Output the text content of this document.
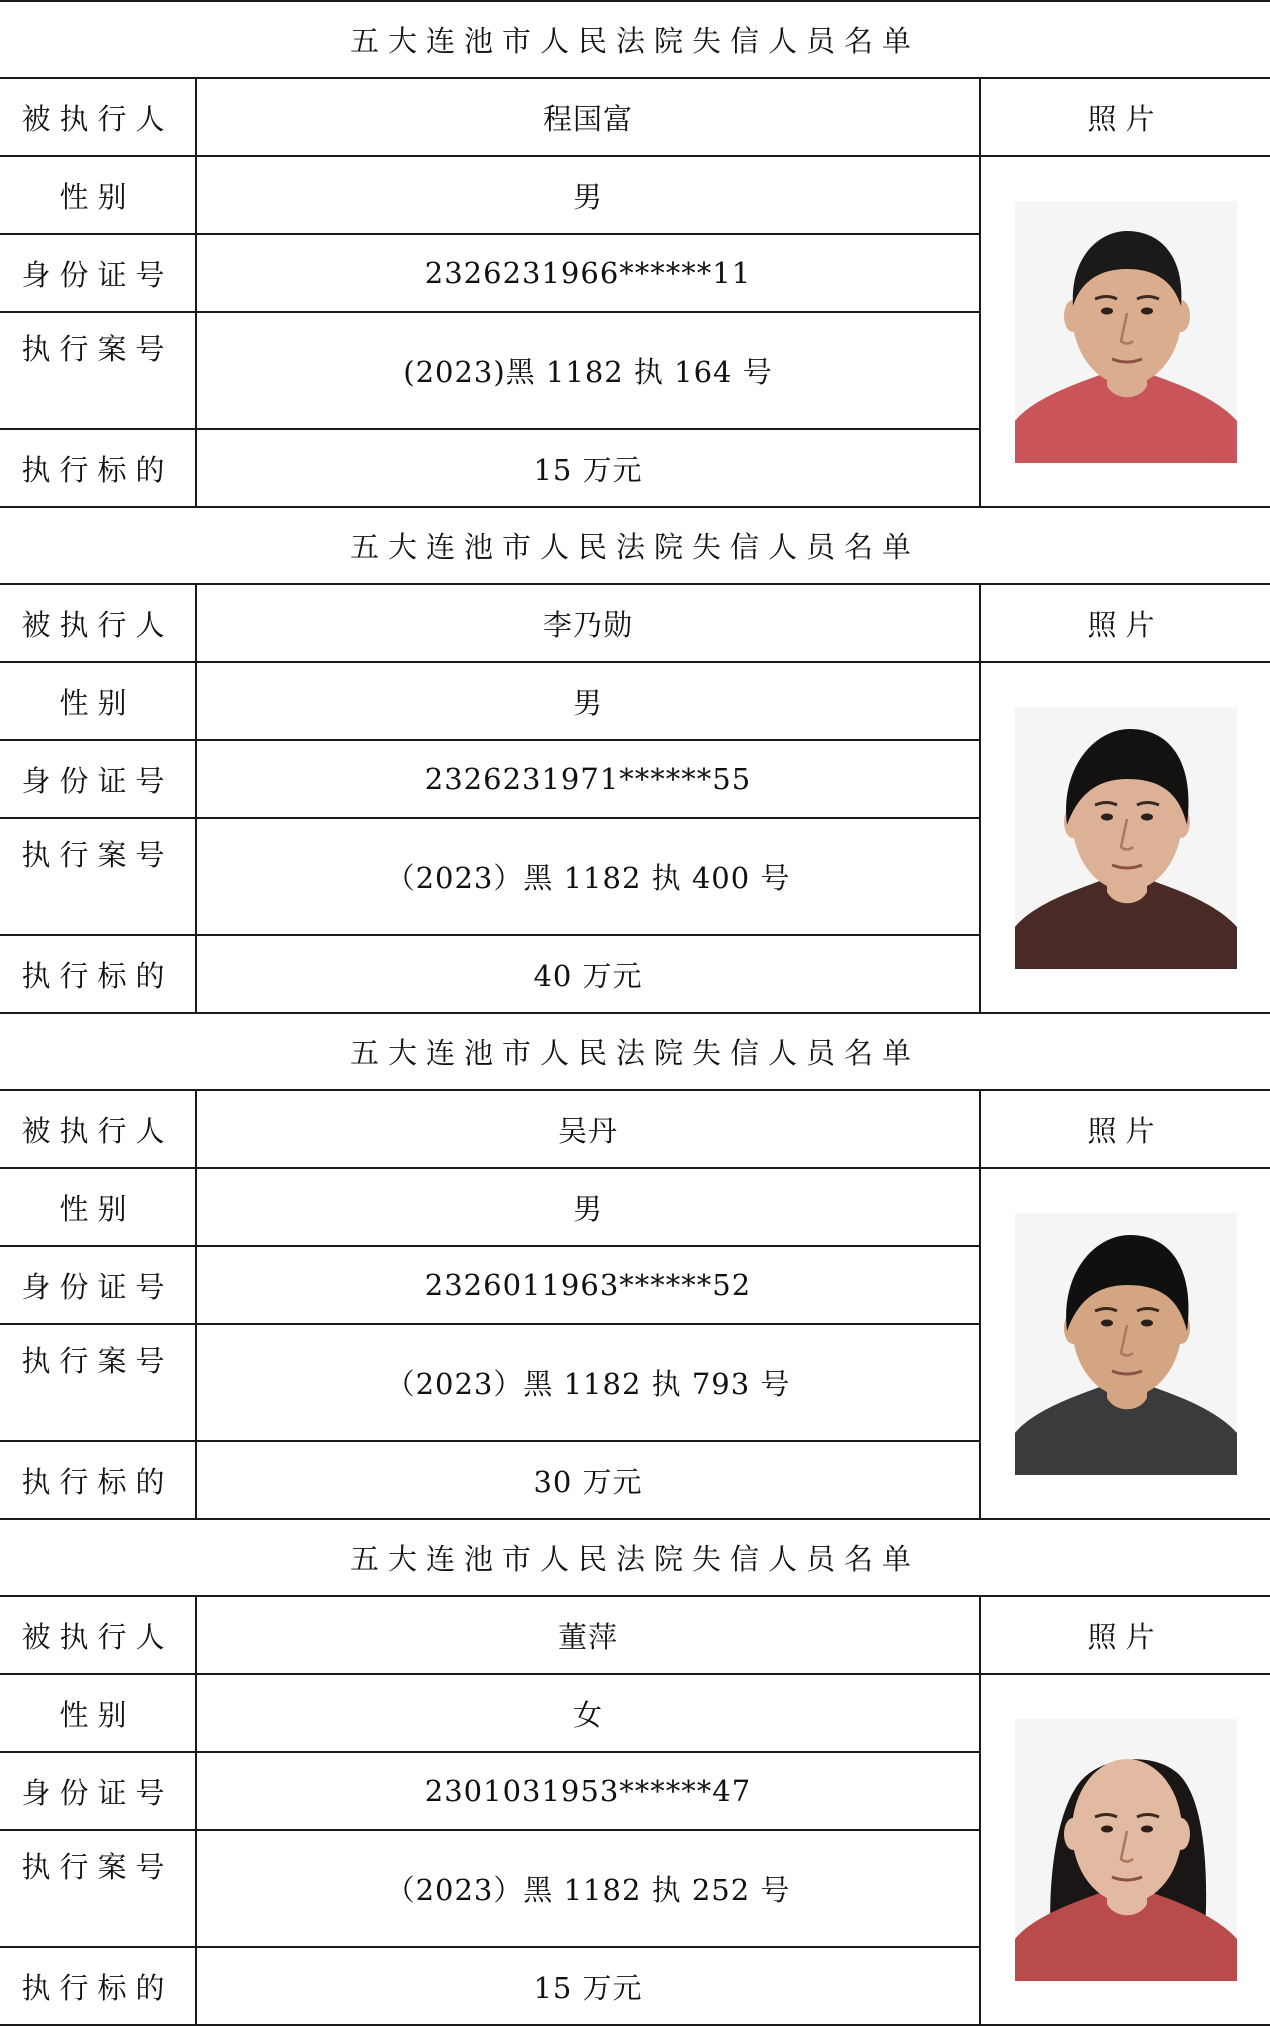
五大连池市人民法院失信人员名单		
被执行人	程国富	照片
性别	男	

身份证号	2326231966******11	
执行案号	(2023)黑 1182 执 164 号	
执行标的	15 万元	
五大连池市人民法院失信人员名单		
被执行人	李乃勋	照片
性别	男	

身份证号	2326231971******55	
执行案号	（2023）黑 1182 执 400 号	
执行标的	40 万元	
五大连池市人民法院失信人员名单		
被执行人	吴丹	照片
性别	男	

身份证号	2326011963******52	
执行案号	（2023）黑 1182 执 793 号	
执行标的	30 万元	
五大连池市人民法院失信人员名单		
被执行人	董萍	照片
性别	女	

身份证号	2301031953******47	
执行案号	（2023）黑 1182 执 252 号	
执行标的	15 万元	
